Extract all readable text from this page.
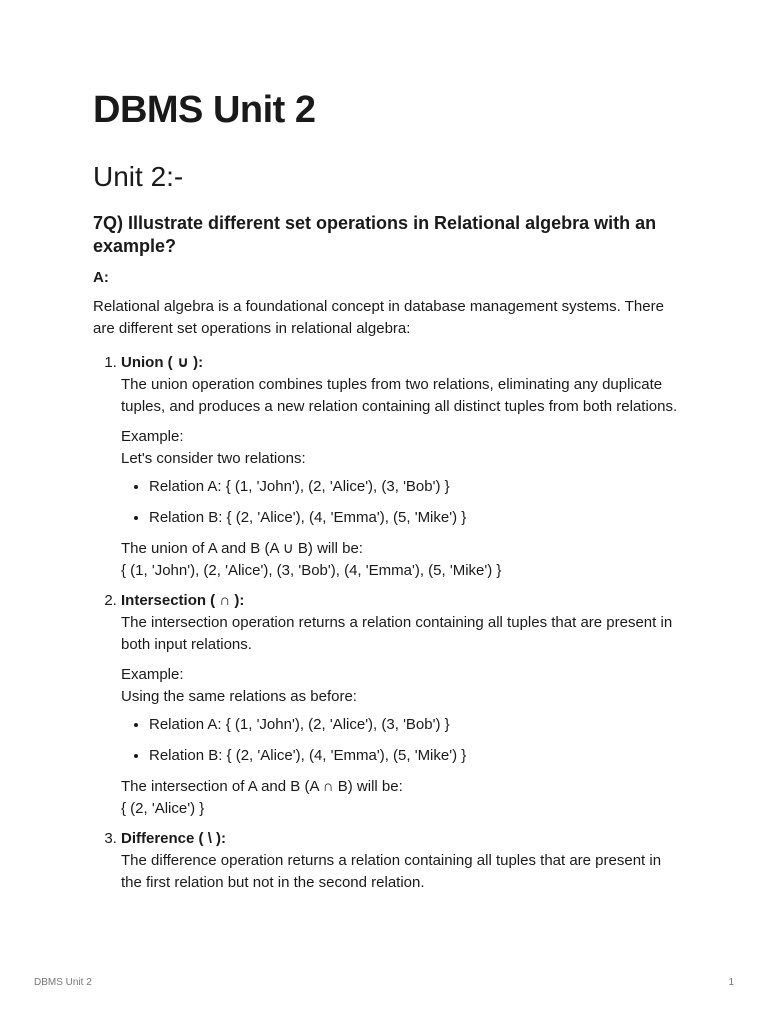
DBMS Unit 2
Unit 2:-
7Q) Illustrate different set operations in Relational algebra with an example?
A:

Relational algebra is a foundational concept in database management systems. There are different set operations in relational algebra:

1. Union ( ∪ ):

The union operation combines tuples from two relations, eliminating any duplicate tuples, and produces a new relation containing all distinct tuples from both relations.

Example:

Let's consider two relations:

• Relation A: { (1, 'John'), (2, 'Alice'), (3, 'Bob') }
• Relation B: { (2, 'Alice'), (4, 'Emma'), (5, 'Mike') }

The union of A and B (A ∪ B) will be:

{ (1, 'John'), (2, 'Alice'), (3, 'Bob'), (4, 'Emma'), (5, 'Mike') }

2. Intersection ( ∩ ):

The intersection operation returns a relation containing all tuples that are present in both input relations.

Example:

Using the same relations as before:

• Relation A: { (1, 'John'), (2, 'Alice'), (3, 'Bob') }
• Relation B: { (2, 'Alice'), (4, 'Emma'), (5, 'Mike') }

The intersection of A and B (A ∩ B) will be:

{ (2, 'Alice') }

3. Difference ( \ ):

The difference operation returns a relation containing all tuples that are present in the first relation but not in the second relation.

DBMS Unit 2	1
